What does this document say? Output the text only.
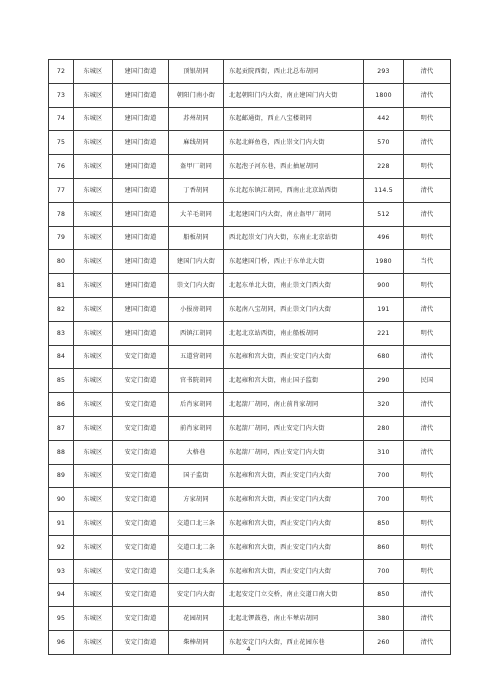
72	东城区	建国门街道	顶银胡同	东起贡院西街，西止北总布胡同	293	清代
73	东城区	建国门街道	朝阳门南小街	北起朝阳门内大街，南止建国门内大街	1800	清代
74	东城区	建国门街道	苏州胡同	东起邮通街，西止八宝楼胡同	442	明代
75	东城区	建国门街道	麻线胡同	东起北鲜鱼巷，西止崇文门内大街	570	清代
76	东城区	建国门街道	盔甲厂胡同	东起泡子河东巷，西止抽屉胡同	228	明代
77	东城区	建国门街道	丁香胡同	东北起东镇江胡同，西南止北京站西街	114.5	清代
78	东城区	建国门街道	大羊毛胡同	北起建国门内大街，南止盔甲厂胡同	512	清代
79	东城区	建国门街道	船板胡同	西北起崇文门内大街，东南止北京站街	496	明代
80	东城区	建国门街道	建国门内大街	东起建国门桥，西止于东单北大街	1980	当代
81	东城区	建国门街道	崇文门内大街	北起东单北大街，南止崇文门西大街	900	明代
82	东城区	建国门街道	小报房胡同	东起南八宝胡同，西止崇文门内大街	191	清代
83	东城区	建国门街道	西镇江胡同	北起北京站西街，南止船板胡同	221	明代
84	东城区	安定门街道	五道营胡同	东起雍和宫大街，西止安定门内大街	680	清代
85	东城区	安定门街道	官书院胡同	北起雍和宫大街，南止国子监街	290	民国
86	东城区	安定门街道	后肖家胡同	北起箭厂胡同，南止前肖家胡同	320	清代
87	东城区	安定门街道	前肖家胡同	东起箭厂胡同，西止安定门内大街	280	清代
88	东城区	安定门街道	大格巷	东起箭厂胡同，西止安定门内大街	310	清代
89	东城区	安定门街道	国子监街	东起雍和宫大街，西止安定门内大街	700	明代
90	东城区	安定门街道	方家胡同	东起雍和宫大街，西止安定门内大街	700	明代
91	东城区	安定门街道	交道口北三条	东起雍和宫大街，西止安定门内大街	850	明代
92	东城区	安定门街道	交道口北二条	东起雍和宫大街，西止安定门内大街	860	明代
93	东城区	安定门街道	交道口北头条	东起雍和宫大街，西止安定门内大街	700	明代
94	东城区	安定门街道	安定门内大街	北起安定门立交桥，南止交道口南大街	850	清代
95	东城区	安定门街道	花园胡同	北起北锣鼓巷，南止车辇店胡同	380	清代
96	东城区	安定门街道	柴棒胡同	东起安定门内大街，西止花园东巷	260	清代
4
